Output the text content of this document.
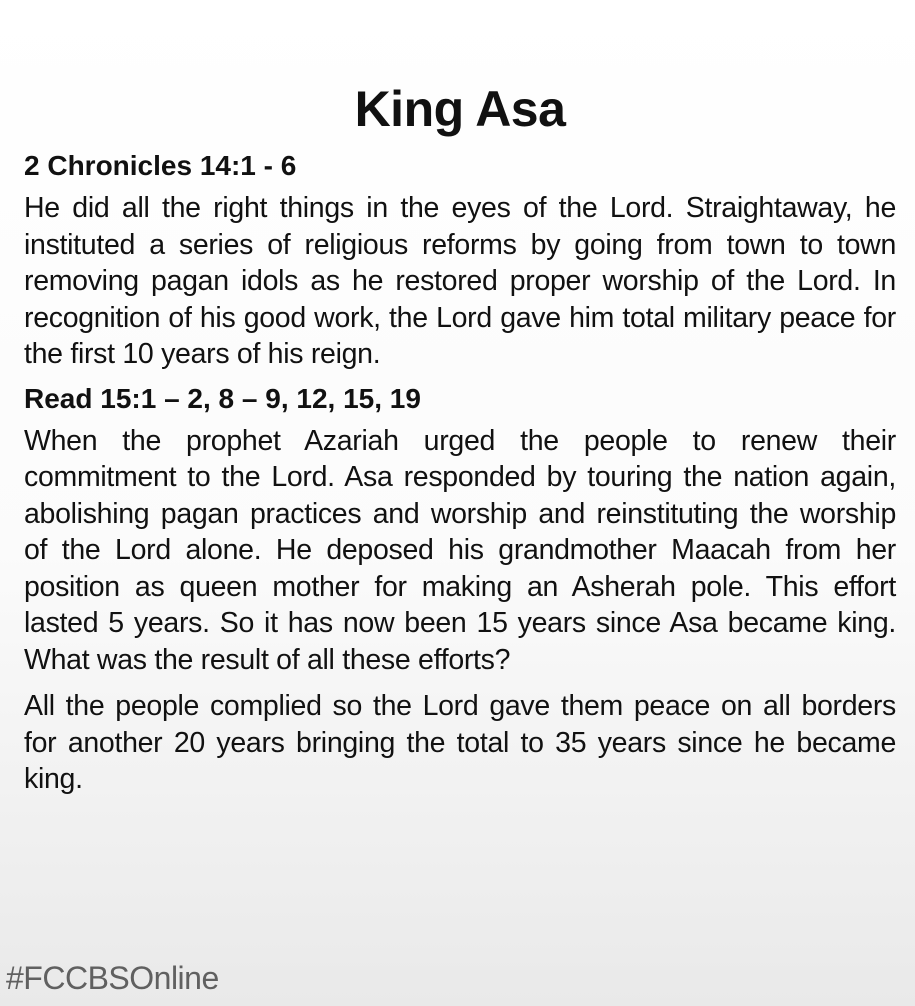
King Asa
2 Chronicles 14:1 - 6

He did all the right things in the eyes of the Lord. Straightaway, he instituted a series of religious reforms by going from town to town removing pagan idols as he restored proper worship of the Lord. In recognition of his good work, the Lord gave him total military peace for the first 10 years of his reign.

Read 15:1 – 2, 8 – 9, 12, 15, 19

When the prophet Azariah urged the people to renew their commitment to the Lord. Asa responded by touring the nation again, abolishing pagan practices and worship and reinstituting the worship of the Lord alone. He deposed his grandmother Maacah from her position as queen mother for making an Asherah pole. This effort lasted 5 years. So it has now been 15 years since Asa became king. What was the result of all these efforts?

All the people complied so the Lord gave them peace on all borders for another 20 years bringing the total to 35 years since he became king.

#FCCBSOnline
